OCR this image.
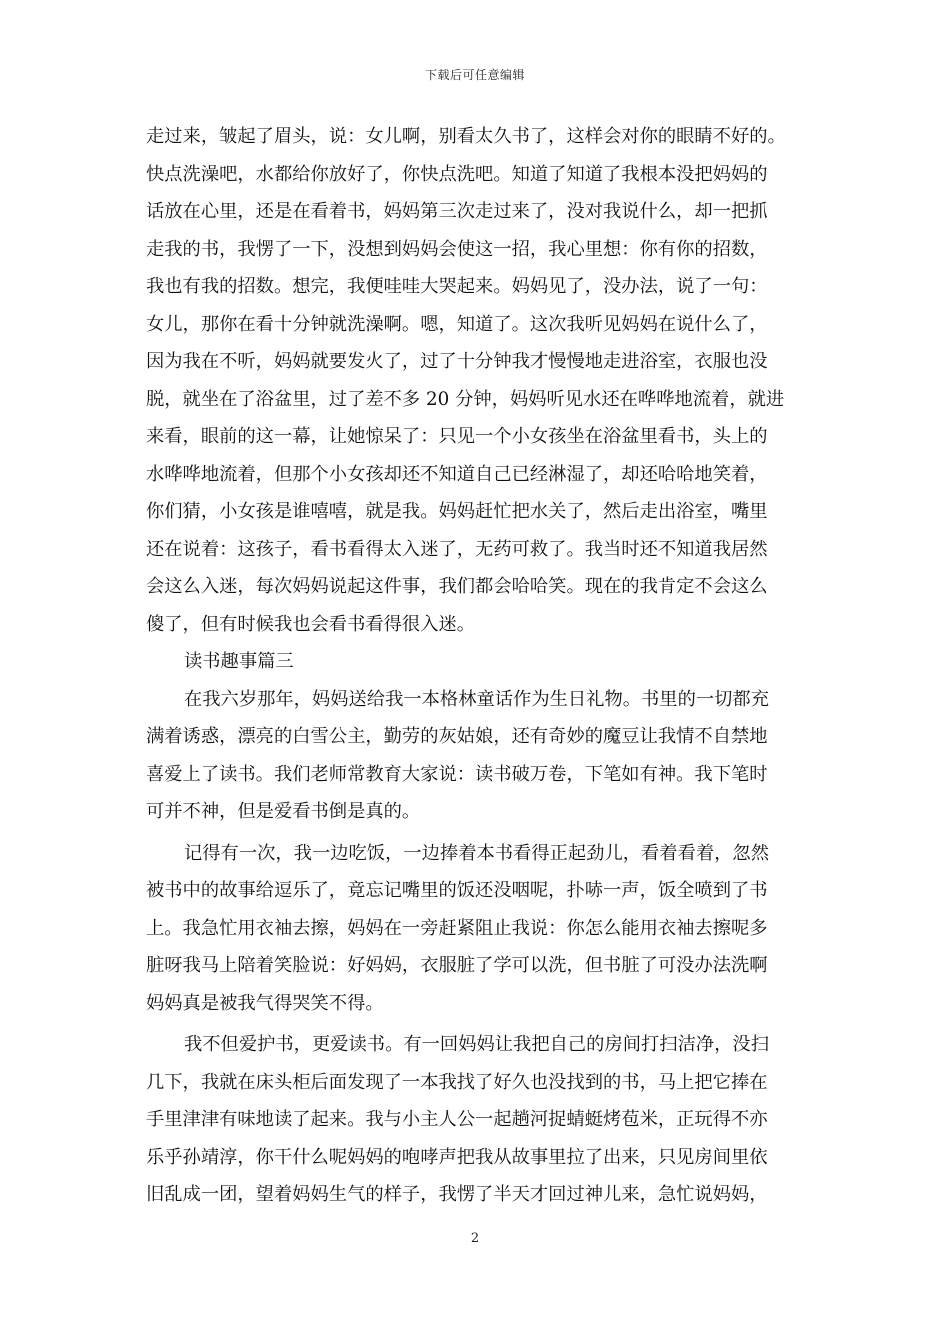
下载后可任意编辑
走过来，皱起了眉头，说：女儿啊，别看太久书了，这样会对你的眼睛不好的。
快点洗澡吧，水都给你放好了，你快点洗吧。知道了知道了我根本没把妈妈的
话放在心里，还是在看着书，妈妈第三次走过来了，没对我说什么，却一把抓
走我的书，我愣了一下，没想到妈妈会使这一招，我心里想：你有你的招数，
我也有我的招数。想完，我便哇哇大哭起来。妈妈见了，没办法，说了一句：
女儿，那你在看十分钟就洗澡啊。嗯，知道了。这次我听见妈妈在说什么了，
因为我在不听，妈妈就要发火了，过了十分钟我才慢慢地走进浴室，衣服也没
脱，就坐在了浴盆里，过了差不多 20 分钟，妈妈听见水还在哗哗地流着，就进
来看，眼前的这一幕，让她惊呆了：只见一个小女孩坐在浴盆里看书，头上的
水哗哗地流着，但那个小女孩却还不知道自己已经淋湿了，却还哈哈地笑着，
你们猜，小女孩是谁嘻嘻，就是我。妈妈赶忙把水关了，然后走出浴室，嘴里
还在说着：这孩子，看书看得太入迷了，无药可救了。我当时还不知道我居然
会这么入迷，每次妈妈说起这件事，我们都会哈哈笑。现在的我肯定不会这么
傻了，但有时候我也会看书看得很入迷。
读书趣事篇三
在我六岁那年，妈妈送给我一本格林童话作为生日礼物。书里的一切都充
满着诱惑，漂亮的白雪公主，勤劳的灰姑娘，还有奇妙的魔豆让我情不自禁地
喜爱上了读书。我们老师常教育大家说：读书破万卷，下笔如有神。我下笔时
可并不神，但是爱看书倒是真的。
记得有一次，我一边吃饭，一边捧着本书看得正起劲儿，看着看着，忽然
被书中的故事给逗乐了，竟忘记嘴里的饭还没咽呢，扑哧一声，饭全喷到了书
上。我急忙用衣袖去擦，妈妈在一旁赶紧阻止我说：你怎么能用衣袖去擦呢多
脏呀我马上陪着笑脸说：好妈妈，衣服脏了学可以洗，但书脏了可没办法洗啊
妈妈真是被我气得哭笑不得。
我不但爱护书，更爱读书。有一回妈妈让我把自己的房间打扫洁净，没扫
几下，我就在床头柜后面发现了一本我找了好久也没找到的书，马上把它捧在
手里津津有味地读了起来。我与小主人公一起趟河捉蜻蜓烤苞米，正玩得不亦
乐乎孙靖淳，你干什么呢妈妈的咆哮声把我从故事里拉了出来，只见房间里依
旧乱成一团，望着妈妈生气的样子，我愣了半天才回过神儿来，急忙说妈妈，
2
